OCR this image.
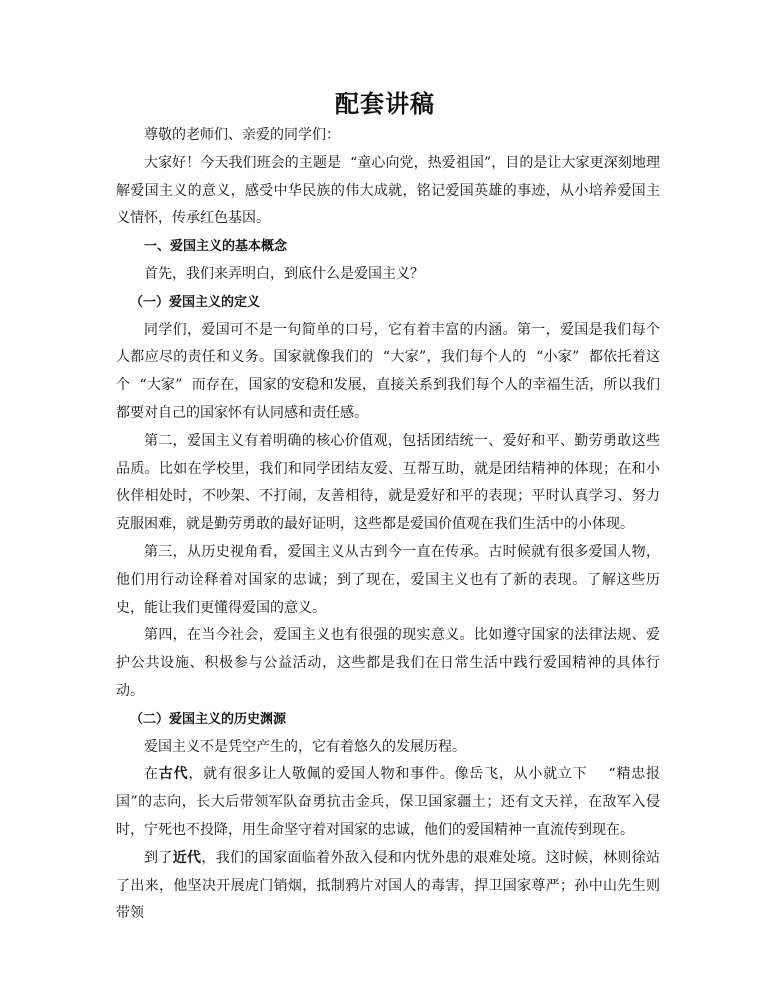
配套讲稿

尊敬的老师们、亲爱的同学们：

大家好！今天我们班会的主题是  “童心向党，热爱祖国”，目的是让大家更深刻地理解爱国主义的意义，感受中华民族的伟大成就，铭记爱国英雄的事迹，从小培养爱国主义情怀，传承红色基因。

一、爱国主义的基本概念

首先，我们来弄明白，到底什么是爱国主义？

（一）爱国主义的定义

同学们，爱国可不是一句简单的口号，它有着丰富的内涵。第一，爱国是我们每个人都应尽的责任和义务。国家就像我们的  “大家”，我们每个人的  “小家”  都依托着这个  “大家”  而存在，国家的安稳和发展，直接关系到我们每个人的幸福生活，所以我们都要对自己的国家怀有认同感和责任感。

第二，爱国主义有着明确的核心价值观，包括团结统一、爱好和平、勤劳勇敢这些品质。比如在学校里，我们和同学团结友爱、互帮互助，就是团结精神的体现；在和小伙伴相处时，不吵架、不打闹，友善相待，就是爱好和平的表现；平时认真学习、努力克服困难，就是勤劳勇敢的最好证明，这些都是爱国价值观在我们生活中的小体现。

第三，从历史视角看，爱国主义从古到今一直在传承。古时候就有很多爱国人物，他们用行动诠释着对国家的忠诚；到了现在，爱国主义也有了新的表现。了解这些历史，能让我们更懂得爱国的意义。

第四，在当今社会，爱国主义也有很强的现实意义。比如遵守国家的法律法规、爱护公共设施、积极参与公益活动，这些都是我们在日常生活中践行爱国精神的具体行动。

（二）爱国主义的历史渊源

爱国主义不是凭空产生的，它有着悠久的发展历程。

在古代，就有很多让人敬佩的爱国人物和事件。像岳飞，从小就立下    “精忠报国”的志向，长大后带领军队奋勇抗击金兵，保卫国家疆土；还有文天祥，在敌军入侵时，宁死也不投降，用生命坚守着对国家的忠诚，他们的爱国精神一直流传到现在。

到了近代，我们的国家面临着外敌入侵和内忧外患的艰难处境。这时候，林则徐站了出来，他坚决开展虎门销烟，抵制鸦片对国人的毒害，捍卫国家尊严；孙中山先生则带领
